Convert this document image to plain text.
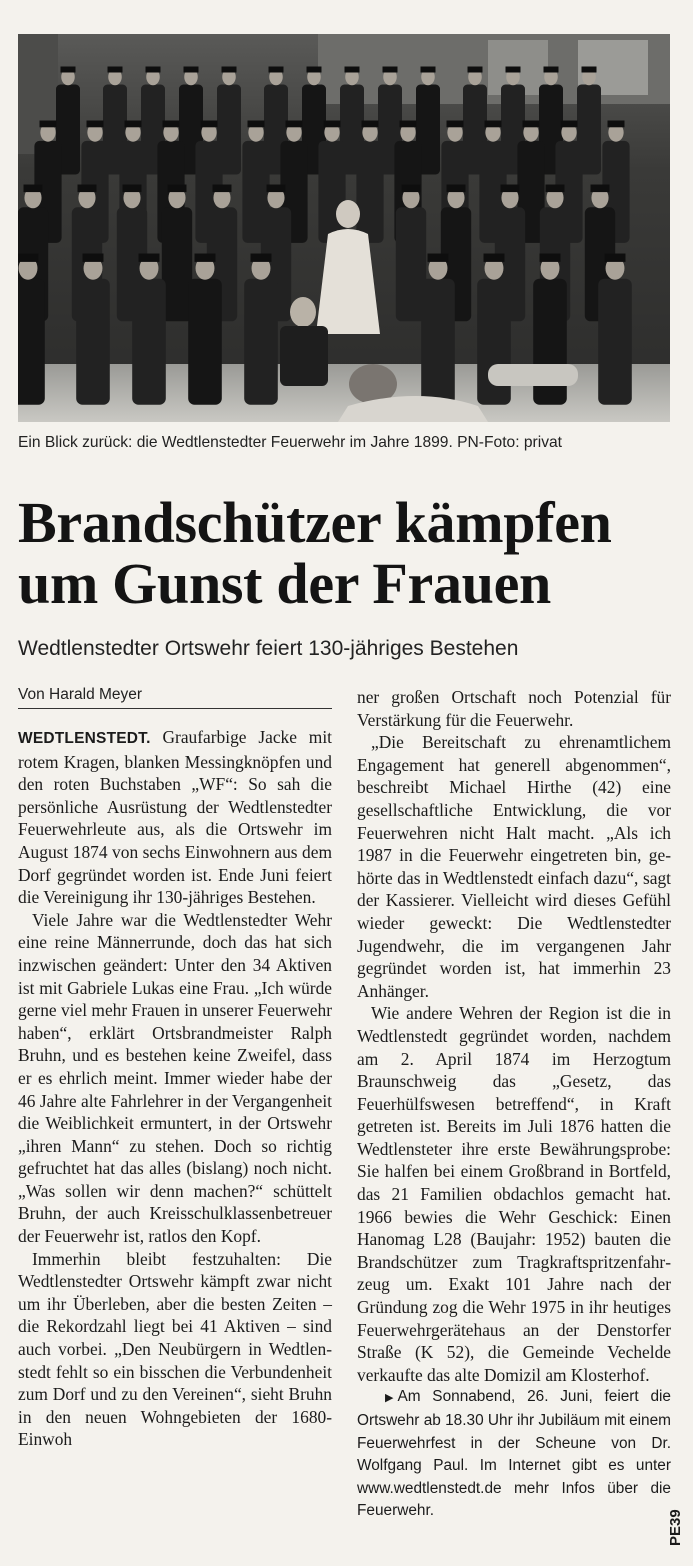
Ein Blick zurück: die Wedtlenstedter Feuerwehr im Jahre 1899. PN-Foto: privat
Brandschützer kämpfen
um Gunst der Frauen
Wedtlenstedter Ortswehr feiert 130-jähriges Bestehen
Von Harald Meyer

WEDTLENSTEDT. Graufarbige Jacke mit rotem Kragen, blanken Messingknöpfen und den roten Buchstaben „WF“: So sah die persönliche Ausrüstung der Wedtlenstedter Feuerwehrleute aus, als die Ortswehr im August 1874 von sechs Einwohnern aus dem Dorf gegründet worden ist. Ende Juni feiert die Vereinigung ihr 130-jähriges Bestehen.

Viele Jahre war die Wedtlenstedter Wehr eine reine Männerrunde, doch das hat sich inzwischen geändert: Unter den 34 Aktiven ist mit Gabriele Lukas eine Frau. „Ich würde gerne viel mehr Frauen in unserer Feuerwehr haben“, erklärt Ortsbrandmeister Ralph Bruhn, und es bestehen keine Zweifel, dass er es ehrlich meint. Immer wieder habe der 46 Jahre alte Fahrlehrer in der Vergangenheit die Weiblichkeit ermuntert, in der Ortswehr „ihren Mann“ zu stehen. Doch so richtig gefruchtet hat das alles (bislang) noch nicht. „Was sollen wir denn machen?“ schüttelt Bruhn, der auch Kreisschulklassenbetreuer der Feuerwehr ist, ratlos den Kopf.

Immerhin bleibt festzuhalten: Die Wedtlenstedter Ortswehr kämpft zwar nicht um ihr Überleben, aber die besten Zeiten – die Rekordzahl liegt bei 41 Aktiven – sind auch vorbei. „Den Neubürgern in Wedtlenstedt fehlt so ein bisschen die Verbundenheit zum Dorf und zu den Vereinen“, sieht Bruhn in den neuen Wohngebieten der 1680-Einwoh

ner großen Ortschaft noch Potenzial für Verstärkung für die Feuerwehr.

„Die Bereitschaft zu ehrenamtlichem Engagement hat generell abgenommen“, beschreibt Michael Hirthe (42) eine gesellschaftliche Entwicklung, die vor Feuerwehren nicht Halt macht. „Als ich 1987 in die Feuerwehr eingetreten bin, gehörte das in Wedtlenstedt einfach dazu“, sagt der Kassierer. Vielleicht wird dieses Gefühl wieder geweckt: Die Wedtlenstedter Jugendwehr, die im vergangenen Jahr gegründet worden ist, hat immerhin 23 Anhänger.

Wie andere Wehren der Region ist die in Wedtlenstedt gegründet worden, nachdem am 2. April 1874 im Herzogtum Braunschweig das „Gesetz, das Feuerhülfswesen betreffend“, in Kraft getreten ist. Bereits im Juli 1876 hatten die Wedtlensteter ihre erste Bewährungsprobe: Sie halfen bei einem Großbrand in Bortfeld, das 21 Familien obdachlos gemacht hat. 1966 bewies die Wehr Geschick: Einen Hanomag L28 (Baujahr: 1952) bauten die Brandschützer zum Tragkraftspritzenfahrzeug um. Exakt 101 Jahre nach der Gründung zog die Wehr 1975 in ihr heutiges Feuerwehrgerätehaus an der Denstorfer Straße (K 52), die Gemeinde Vechelde verkaufte das alte Domizil am Klosterhof.

▶ Am Sonnabend, 26. Juni, feiert die Ortswehr ab 18.30 Uhr ihr Jubiläum mit einem Feuerwehrfest in der Scheune von Dr. Wolfgang Paul. Im Internet gibt es unter www.wedtlenstedt.de mehr Infos über die Feuerwehr.	PE39
